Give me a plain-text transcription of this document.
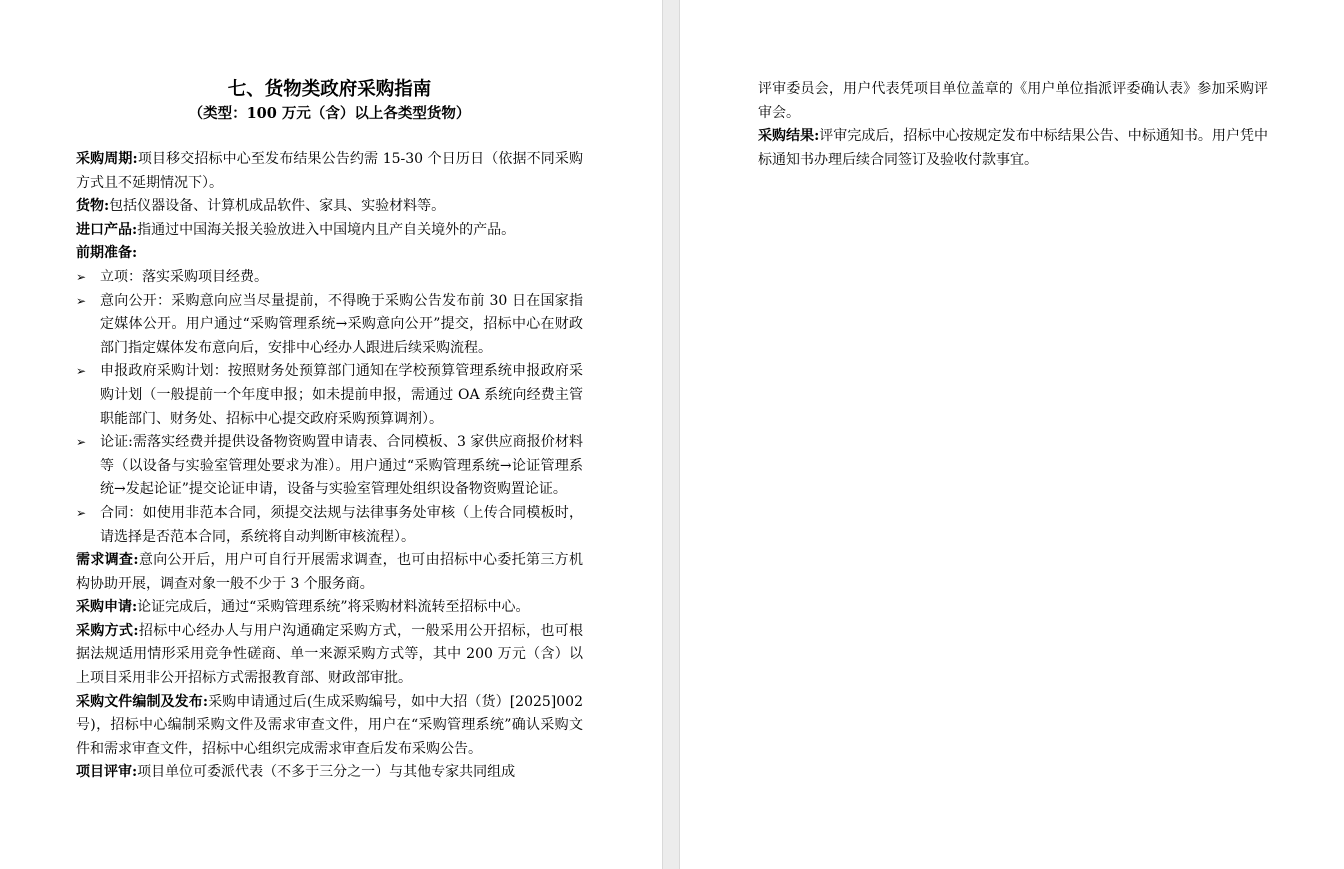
七、货物类政府采购指南
（类型：100 万元（含）以上各类型货物）

采购周期:项目移交招标中心至发布结果公告约需 15-30 个日历日（依据不同采购方式且不延期情况下）。

货物:包括仪器设备、计算机成品软件、家具、实验材料等。

进口产品:指通过中国海关报关验放进入中国境内且产自关境外的产品。

前期准备:

➢ 立项：落实采购项目经费。
➢ 意向公开：采购意向应当尽量提前，不得晚于采购公告发布前 30 日在国家指定媒体公开。用户通过“采购管理系统→采购意向公开”提交，招标中心在财政部门指定媒体发布意向后，安排中心经办人跟进后续采购流程。
➢ 申报政府采购计划：按照财务处预算部门通知在学校预算管理系统申报政府采购计划（一般提前一个年度申报；如未提前申报，需通过 OA 系统向经费主管职能部门、财务处、招标中心提交政府采购预算调剂）。
➢ 论证:需落实经费并提供设备物资购置申请表、合同模板、3 家供应商报价材料等（以设备与实验室管理处要求为准）。用户通过“采购管理系统→论证管理系统→发起论证”提交论证申请，设备与实验室管理处组织设备物资购置论证。
➢ 合同：如使用非范本合同，须提交法规与法律事务处审核（上传合同模板时，请选择是否范本合同，系统将自动判断审核流程）。

需求调查:意向公开后，用户可自行开展需求调查，也可由招标中心委托第三方机构协助开展，调查对象一般不少于 3 个服务商。

采购申请:论证完成后，通过“采购管理系统”将采购材料流转至招标中心。

采购方式:招标中心经办人与用户沟通确定采购方式，一般采用公开招标，也可根据法规适用情形采用竞争性磋商、单一来源采购方式等，其中 200 万元（含）以上项目采用非公开招标方式需报教育部、财政部审批。

采购文件编制及发布:采购申请通过后(生成采购编号，如中大招（货）[2025]002 号)，招标中心编制采购文件及需求审查文件，用户在“采购管理系统”确认采购文件和需求审查文件，招标中心组织完成需求审查后发布采购公告。

项目评审:项目单位可委派代表（不多于三分之一）与其他专家共同组成

评审委员会，用户代表凭项目单位盖章的《用户单位指派评委确认表》参加采购评审会。

采购结果:评审完成后，招标中心按规定发布中标结果公告、中标通知书。用户凭中标通知书办理后续合同签订及验收付款事宜。
